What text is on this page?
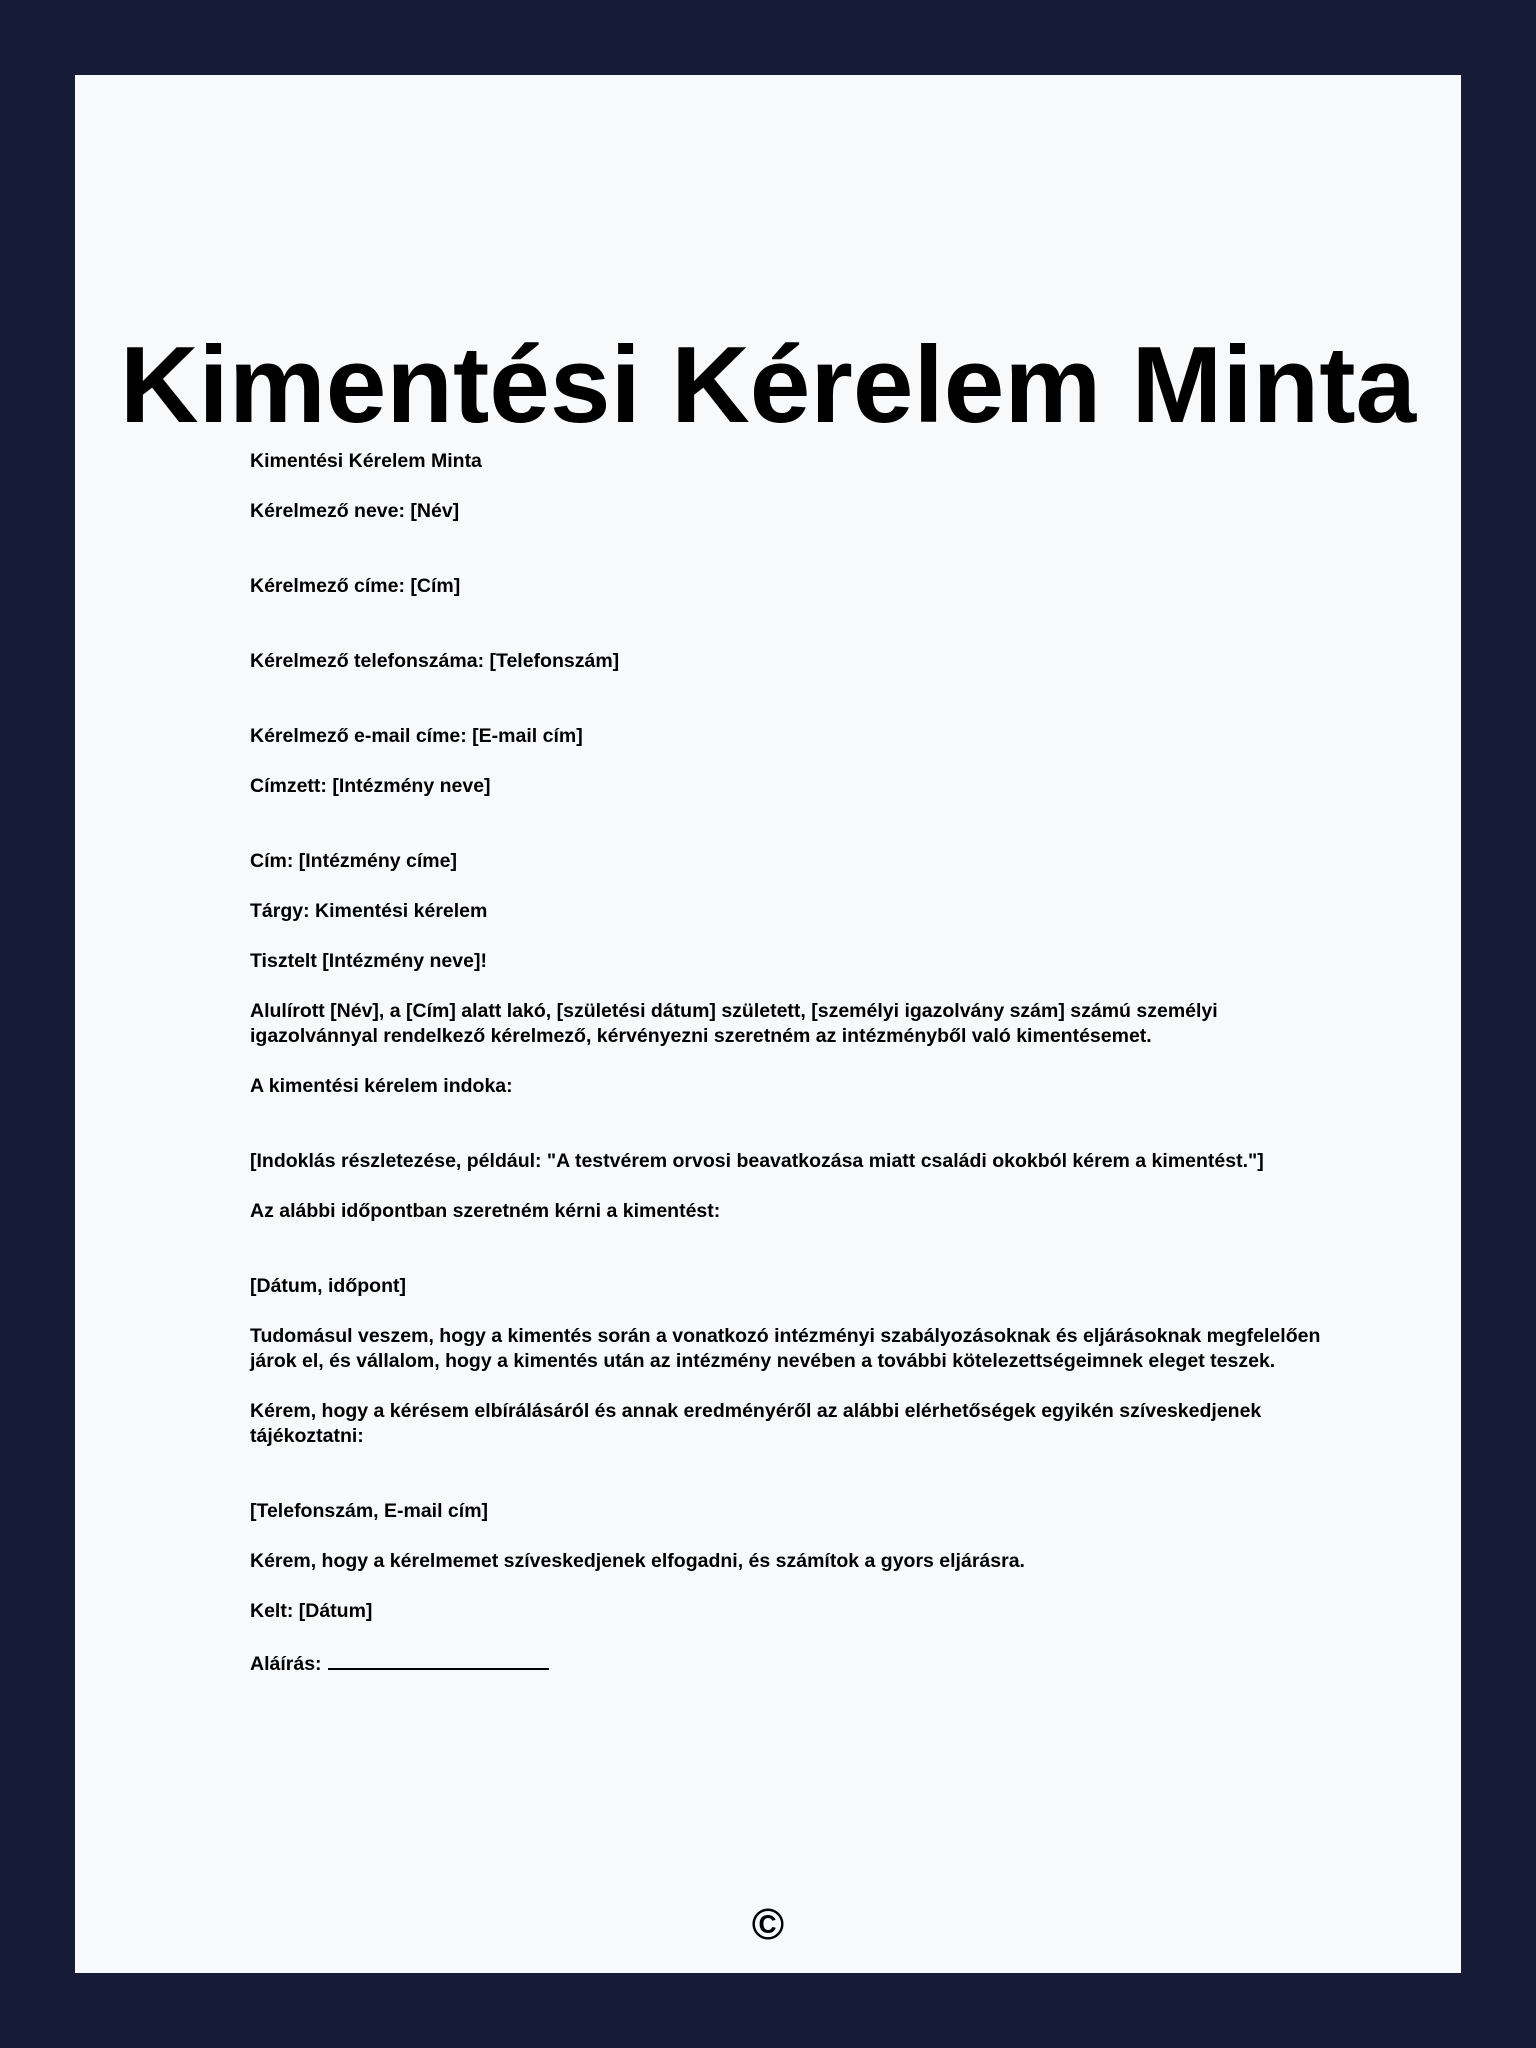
Kimentési Kérelem Minta

Kimentési Kérelem Minta

Kérelmező neve: [Név]

Kérelmező címe: [Cím]

Kérelmező telefonszáma: [Telefonszám]

Kérelmező e-mail címe: [E-mail cím]

Címzett: [Intézmény neve]

Cím: [Intézmény címe]

Tárgy: Kimentési kérelem

Tisztelt [Intézmény neve]!

Alulírott [Név], a [Cím] alatt lakó, [születési dátum] született, [személyi igazolvány szám] számú személyi igazolvánnyal rendelkező kérelmező, kérvényezni szeretném az intézményből való kimentésemet.

A kimentési kérelem indoka:

[Indoklás részletezése, például: "A testvérem orvosi beavatkozása miatt családi okokból kérem a kimentést."]

Az alábbi időpontban szeretném kérni a kimentést:

[Dátum, időpont]

Tudomásul veszem, hogy a kimentés során a vonatkozó intézményi szabályozásoknak és eljárásoknak megfelelően járok el, és vállalom, hogy a kimentés után az intézmény nevében a további kötelezettségeimnek eleget teszek.

Kérem, hogy a kérésem elbírálásáról és annak eredményéről az alábbi elérhetőségek egyikén szíveskedjenek tájékoztatni:

[Telefonszám, E-mail cím]

Kérem, hogy a kérelmemet szíveskedjenek elfogadni, és számítok a gyors eljárásra.

Kelt: [Dátum]

Aláírás:

©
